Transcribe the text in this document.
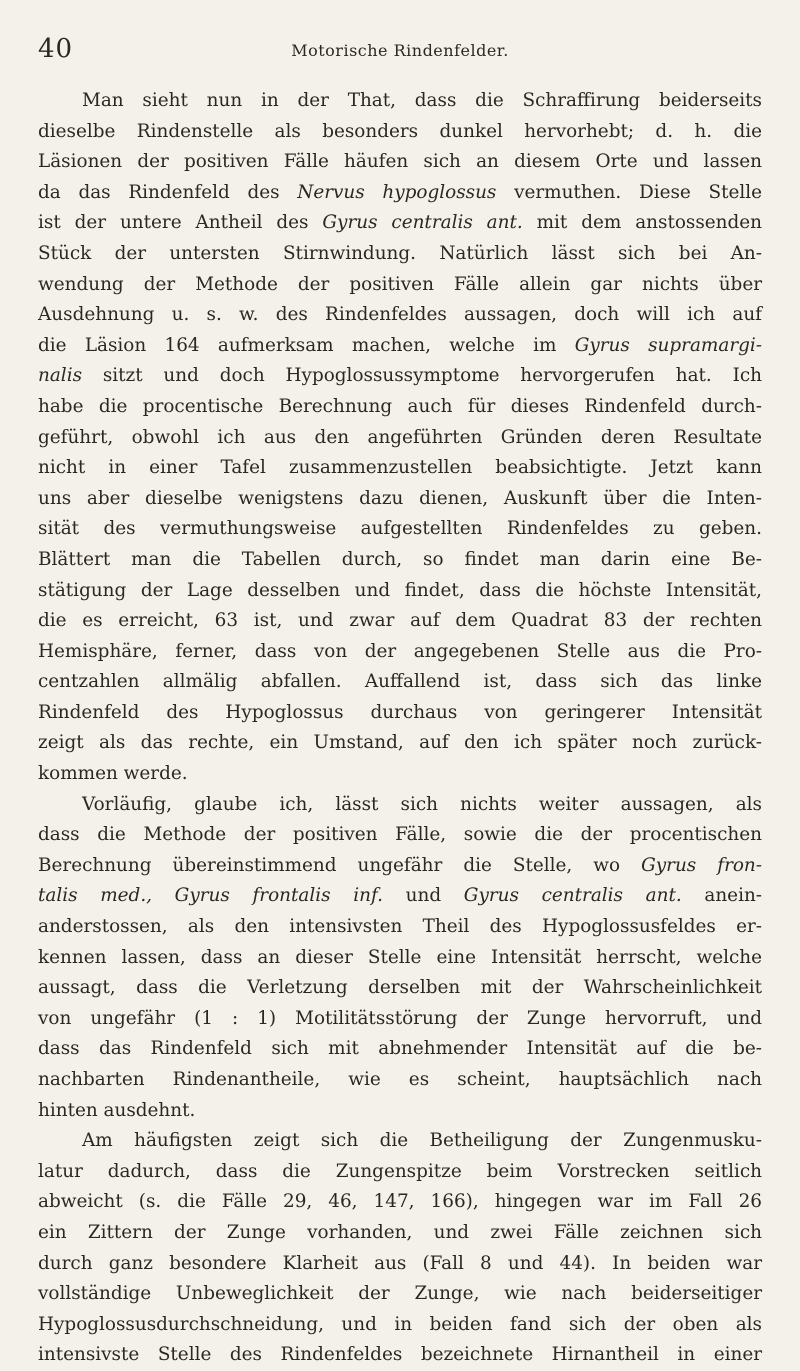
40	Motorische Rindenfelder.
Man sieht nun in der That, dass die Schraffirung beiderseits
dieselbe Rindenstelle als besonders dunkel hervorhebt; d. h. die
Läsionen der positiven Fälle häufen sich an diesem Orte und lassen
da das Rindenfeld des Nervus hypoglossus vermuthen. Diese Stelle
ist der untere Antheil des Gyrus centralis ant. mit dem anstossenden
Stück der untersten Stirnwindung. Natürlich lässt sich bei An-
wendung der Methode der positiven Fälle allein gar nichts über
Ausdehnung u. s. w. des Rindenfeldes aussagen, doch will ich auf
die Läsion 164 aufmerksam machen, welche im Gyrus supramargi-
nalis sitzt und doch Hypoglossussymptome hervorgerufen hat. Ich
habe die procentische Berechnung auch für dieses Rindenfeld durch-
geführt, obwohl ich aus den angeführten Gründen deren Resultate
nicht in einer Tafel zusammenzustellen beabsichtigte. Jetzt kann
uns aber dieselbe wenigstens dazu dienen, Auskunft über die Inten-
sität des vermuthungsweise aufgestellten Rindenfeldes zu geben.
Blättert man die Tabellen durch, so findet man darin eine Be-
stätigung der Lage desselben und findet, dass die höchste Intensität,
die es erreicht, 63 ist, und zwar auf dem Quadrat 83 der rechten
Hemisphäre, ferner, dass von der angegebenen Stelle aus die Pro-
centzahlen allmälig abfallen. Auffallend ist, dass sich das linke
Rindenfeld des Hypoglossus durchaus von geringerer Intensität
zeigt als das rechte, ein Umstand, auf den ich später noch zurück-
kommen werde.
Vorläufig, glaube ich, lässt sich nichts weiter aussagen, als
dass die Methode der positiven Fälle, sowie die der procentischen
Berechnung übereinstimmend ungefähr die Stelle, wo Gyrus fron-
talis med., Gyrus frontalis inf. und Gyrus centralis ant. anein-
anderstossen, als den intensivsten Theil des Hypoglossusfeldes er-
kennen lassen, dass an dieser Stelle eine Intensität herrscht, welche
aussagt, dass die Verletzung derselben mit der Wahrscheinlichkeit
von ungefähr (1 : 1) Motilitätsstörung der Zunge hervorruft, und
dass das Rindenfeld sich mit abnehmender Intensität auf die be-
nachbarten Rindenantheile, wie es scheint, hauptsächlich nach
hinten ausdehnt.
Am häufigsten zeigt sich die Betheiligung der Zungenmusku-
latur dadurch, dass die Zungenspitze beim Vorstrecken seitlich
abweicht (s. die Fälle 29, 46, 147, 166), hingegen war im Fall 26
ein Zittern der Zunge vorhanden, und zwei Fälle zeichnen sich
durch ganz besondere Klarheit aus (Fall 8 und 44). In beiden war
vollständige Unbeweglichkeit der Zunge, wie nach beiderseitiger
Hypoglossusdurchschneidung, und in beiden fand sich der oben als
intensivste Stelle des Rindenfeldes bezeichnete Hirnantheil in einer
